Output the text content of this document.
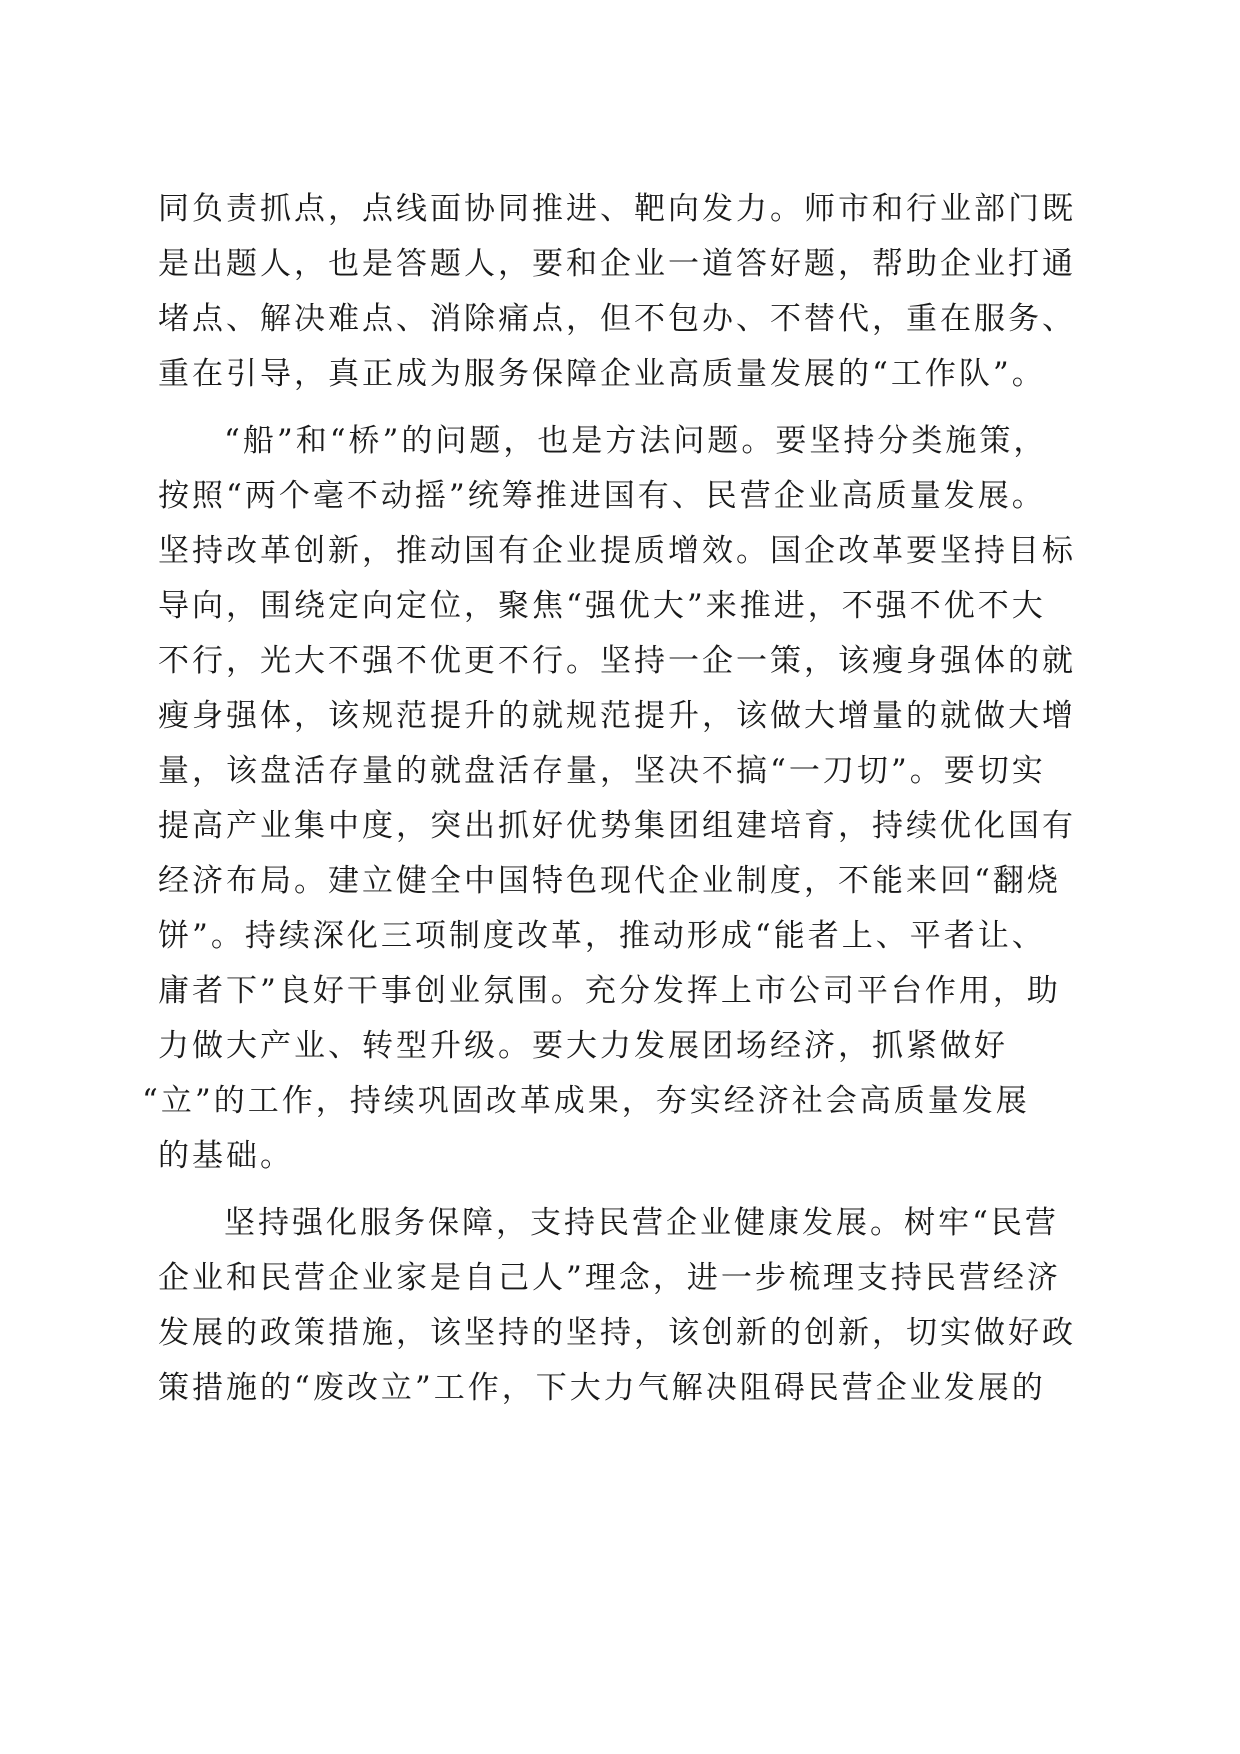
同负责抓点，点线面协同推进、靶向发力。师市和行业部门既
是出题人，也是答题人，要和企业一道答好题，帮助企业打通
堵点、解决难点、消除痛点，但不包办、不替代，重在服务、
重在引导，真正成为服务保障企业高质量发展的“工作队”。
“船”和“桥”的问题，也是方法问题。要坚持分类施策，
按照“两个毫不动摇”统筹推进国有、民营企业高质量发展。
坚持改革创新，推动国有企业提质增效。国企改革要坚持目标
导向，围绕定向定位，聚焦“强优大”来推进，不强不优不大
不行，光大不强不优更不行。坚持一企一策，该瘦身强体的就
瘦身强体，该规范提升的就规范提升，该做大增量的就做大增
量，该盘活存量的就盘活存量，坚决不搞“一刀切”。要切实
提高产业集中度，突出抓好优势集团组建培育，持续优化国有
经济布局。建立健全中国特色现代企业制度，不能来回“翻烧
饼”。持续深化三项制度改革，推动形成“能者上、平者让、
庸者下”良好干事创业氛围。充分发挥上市公司平台作用，助
力做大产业、转型升级。要大力发展团场经济，抓紧做好
“立”的工作，持续巩固改革成果，夯实经济社会高质量发展
的基础。
坚持强化服务保障，支持民营企业健康发展。树牢“民营
企业和民营企业家是自己人”理念，进一步梳理支持民营经济
发展的政策措施，该坚持的坚持，该创新的创新，切实做好政
策措施的“废改立”工作，下大力气解决阻碍民营企业发展的
